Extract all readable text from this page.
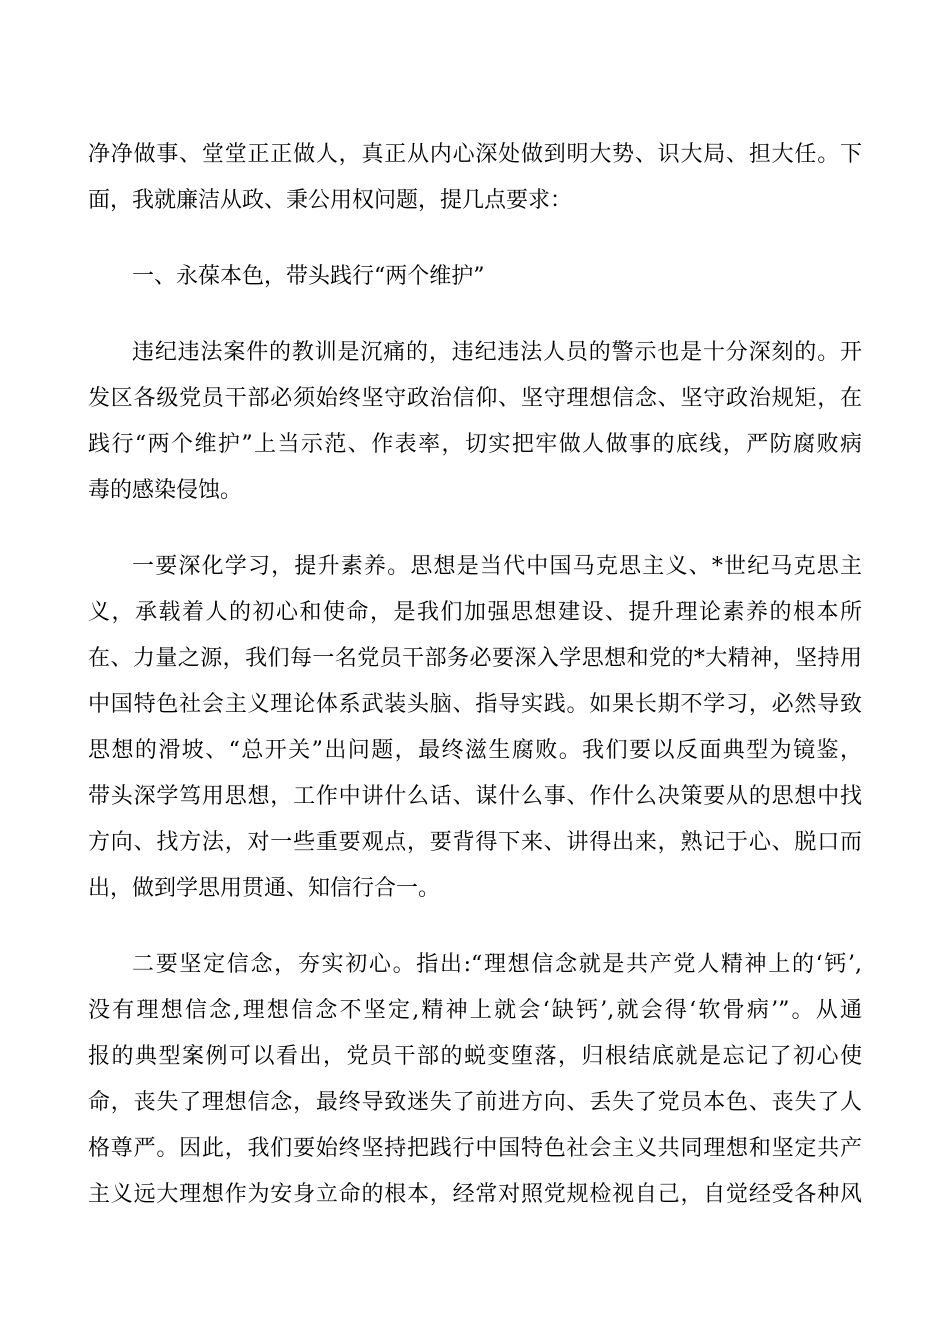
净净做事、堂堂正正做人，真正从内心深处做到明大势、识大局、担大任。下
面，我就廉洁从政、秉公用权问题，提几点要求：
一、永葆本色，带头践行“两个维护”
违纪违法案件的教训是沉痛的，违纪违法人员的警示也是十分深刻的。开
发区各级党员干部必须始终坚守政治信仰、坚守理想信念、坚守政治规矩，在
践行“两个维护”上当示范、作表率，切实把牢做人做事的底线，严防腐败病
毒的感染侵蚀。
一要深化学习，提升素养。思想是当代中国马克思主义、*世纪马克思主
义，承载着人的初心和使命，是我们加强思想建设、提升理论素养的根本所
在、力量之源，我们每一名党员干部务必要深入学思想和党的*大精神，坚持用
中国特色社会主义理论体系武装头脑、指导实践。如果长期不学习，必然导致
思想的滑坡、“总开关”出问题，最终滋生腐败。我们要以反面典型为镜鉴，
带头深学笃用思想，工作中讲什么话、谋什么事、作什么决策要从的思想中找
方向、找方法，对一些重要观点，要背得下来、讲得出来，熟记于心、脱口而
出，做到学思用贯通、知信行合一。
二要坚定信念，夯实初心。指出:“理想信念就是共产党人精神上的‘钙’,
没有理想信念,理想信念不坚定,精神上就会‘缺钙’,就会得‘软骨病’”。从通
报的典型案例可以看出，党员干部的蜕变堕落，归根结底就是忘记了初心使
命，丧失了理想信念，最终导致迷失了前进方向、丢失了党员本色、丧失了人
格尊严。因此，我们要始终坚持把践行中国特色社会主义共同理想和坚定共产
主义远大理想作为安身立命的根本，经常对照党规检视自己，自觉经受各种风
